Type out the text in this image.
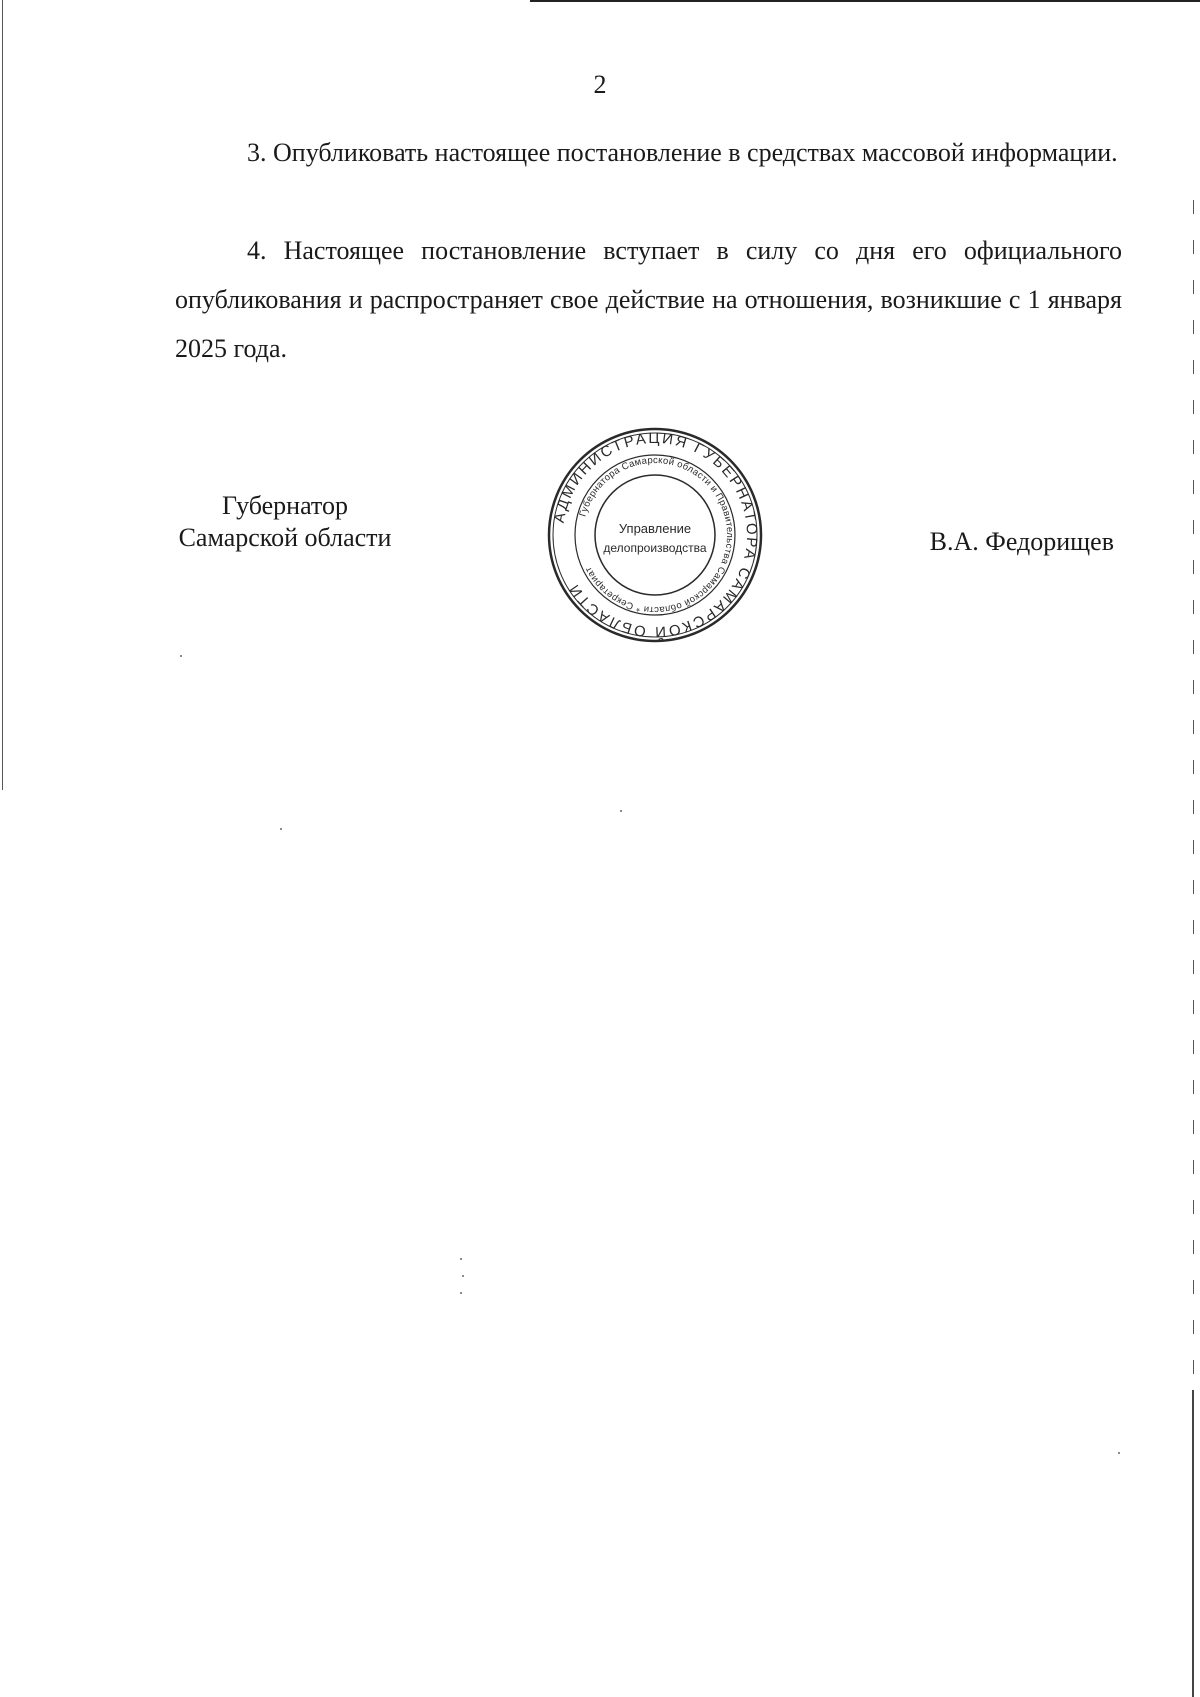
2

3. Опубликовать настоящее постановление в средствах массовой информации.

4. Настоящее постановление вступает в силу со дня его официального опубликования и распространяет свое действие на отношения, возникшие с 1 января 2025 года.

Губернатор
Самарской области
АДМИНИСТРАЦИЯ ГУБЕРНАТОРА САМАРСКОЙ ОБЛАСТИ
Губернатора Самарской области и Правительства Самарской области * Секретариат
Управление
делопроизводства	В.А. Федорищев
